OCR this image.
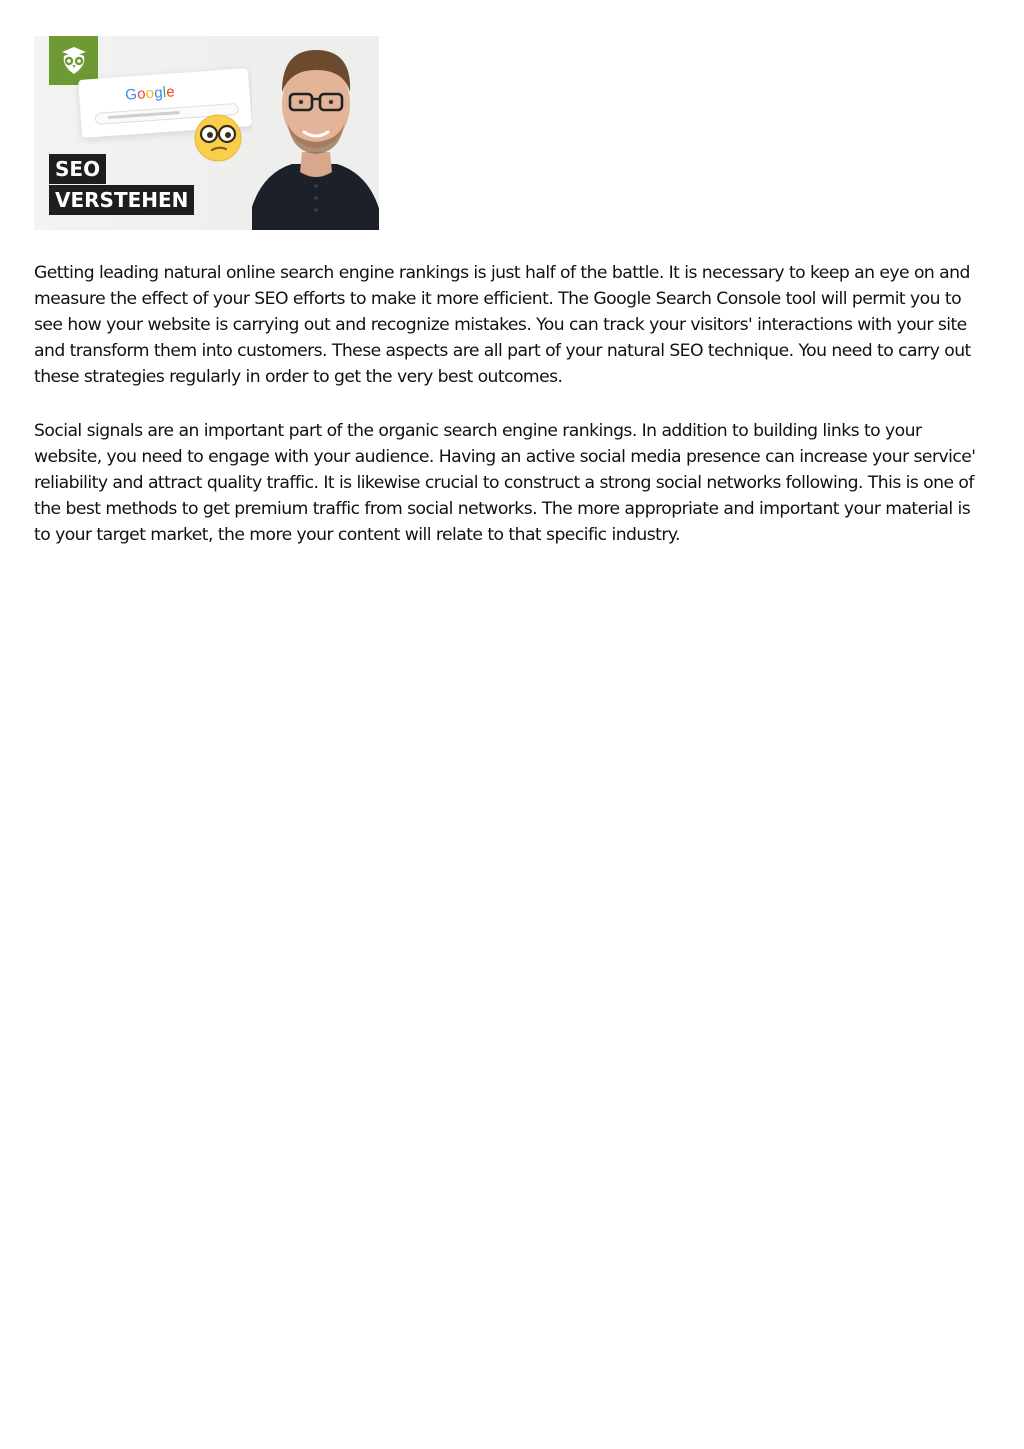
Google
SEO
VERSTEHEN

Getting leading natural online search engine rankings is just half of the battle. It is necessary to keep an eye on and measure the effect of your SEO efforts to make it more efficient. The Google Search Console tool will permit you to see how your website is carrying out and recognize mistakes. You can track your visitors' interactions with your site and transform them into customers. These aspects are all part of your natural SEO technique. You need to carry out these strategies regularly in order to get the very best outcomes.

Social signals are an important part of the organic search engine rankings. In addition to building links to your website, you need to engage with your audience. Having an active social media presence can increase your service' reliability and attract quality traffic. It is likewise crucial to construct a strong social networks following. This is one of the best methods to get premium traffic from social networks. The more appropriate and important your material is to your target market, the more your content will relate to that specific industry.
